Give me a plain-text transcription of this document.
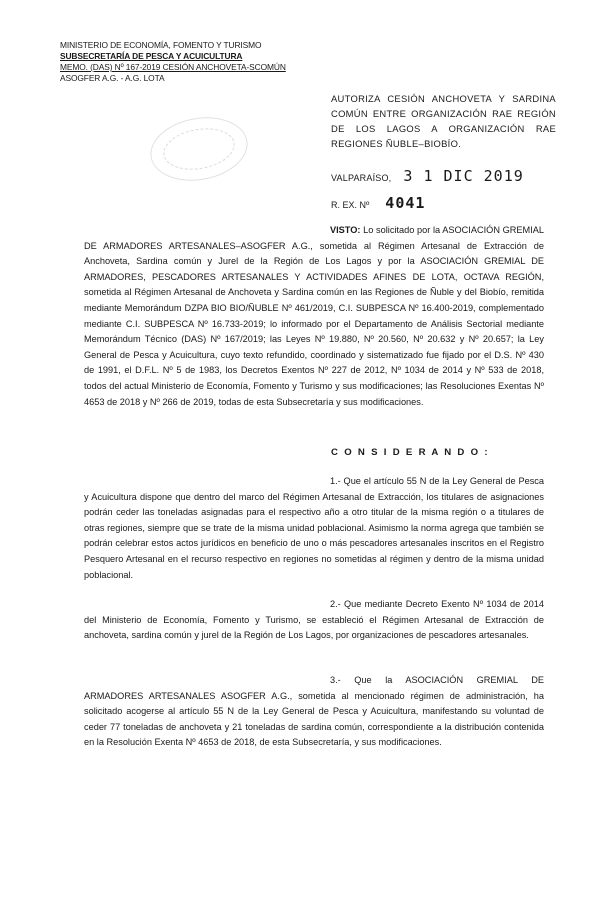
MINISTERIO DE ECONOMÍA, FOMENTO Y TURISMO
SUBSECRETARÍA DE PESCA Y ACUICULTURA
MEMO. (DAS) Nº 167-2019 CESIÓN ANCHOVETA-SCOMÚN
ASOGFER A.G. - A.G. LOTA
AUTORIZA CESIÓN ANCHOVETA Y SARDINA COMÚN ENTRE ORGANIZACIÓN RAE REGIÓN DE LOS LAGOS A ORGANIZACIÓN RAE REGIONES ÑUBLE–BIOBÍO.
VALPARAÍSO, 3 1 DIC 2019
R. EX. Nº 4041

VISTO: Lo solicitado por la ASOCIACIÓN GREMIAL DE ARMADORES ARTESANALES–ASOGFER A.G., sometida al Régimen Artesanal de Extracción de Anchoveta, Sardina común y Jurel de la Región de Los Lagos y por la ASOCIACIÓN GREMIAL DE ARMADORES, PESCADORES ARTESANALES Y ACTIVIDADES AFINES DE LOTA, OCTAVA REGIÓN, sometida al Régimen Artesanal de Anchoveta y Sardina común en las Regiones de Ñuble y del Biobío, remitida mediante Memorándum DZPA BIO BIO/ÑUBLE Nº 461/2019, C.I. SUBPESCA Nº 16.400-2019, complementado mediante C.I. SUBPESCA Nº 16.733-2019; lo informado por el Departamento de Análisis Sectorial mediante Memorándum Técnico (DAS) Nº 167/2019; las Leyes Nº 19.880, Nº 20.560, Nº 20.632 y Nº 20.657; la Ley General de Pesca y Acuicultura, cuyo texto refundido, coordinado y sistematizado fue fijado por el D.S. Nº 430 de 1991, el D.F.L. Nº 5 de 1983, los Decretos Exentos Nº 227 de 2012, Nº 1034 de 2014 y Nº 533 de 2018, todos del actual Ministerio de Economía, Fomento y Turismo y sus modificaciones; las Resoluciones Exentas Nº 4653 de 2018 y Nº 266 de 2019, todas de esta Subsecretaría y sus modificaciones.

C O N S I D E R A N D O :

1.- Que el artículo 55 N de la Ley General de Pesca y Acuicultura dispone que dentro del marco del Régimen Artesanal de Extracción, los titulares de asignaciones podrán ceder las toneladas asignadas para el respectivo año a otro titular de la misma región o a titulares de otras regiones, siempre que se trate de la misma unidad poblacional. Asimismo la norma agrega que también se podrán celebrar estos actos jurídicos en beneficio de uno o más pescadores artesanales inscritos en el Registro Pesquero Artesanal en el recurso respectivo en regiones no sometidas al régimen y dentro de la misma unidad poblacional.

2.- Que mediante Decreto Exento Nº 1034 de 2014 del Ministerio de Economía, Fomento y Turismo, se estableció el Régimen Artesanal de Extracción de anchoveta, sardina común y jurel de la Región de Los Lagos, por organizaciones de pescadores artesanales.

3.- Que la ASOCIACIÓN GREMIAL DE ARMADORES ARTESANALES ASOGFER A.G., sometida al mencionado régimen de administración, ha solicitado acogerse al artículo 55 N de la Ley General de Pesca y Acuicultura, manifestando su voluntad de ceder 77 toneladas de anchoveta y 21 toneladas de sardina común, correspondiente a la distribución contenida en la Resolución Exenta Nº 4653 de 2018, de esta Subsecretaría, y sus modificaciones.
